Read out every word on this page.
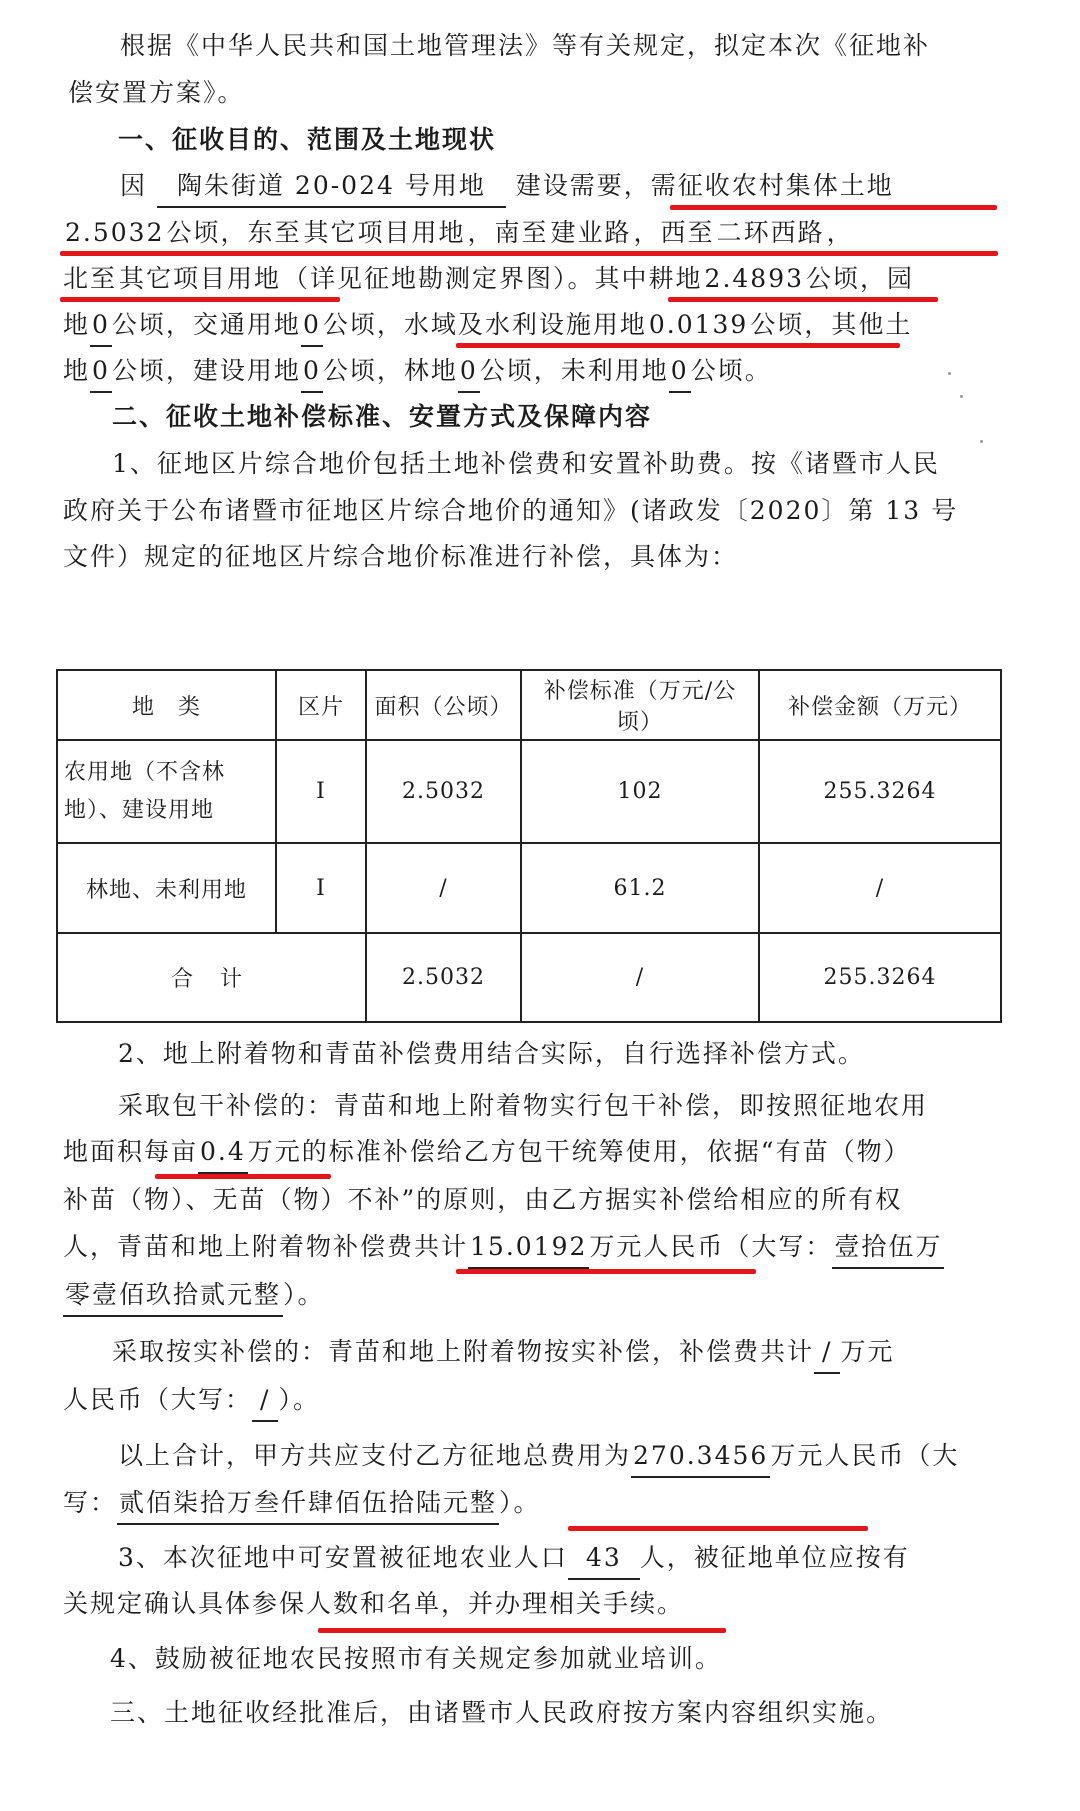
根据《中华人民共和国土地管理法》等有关规定，拟定本次《征地补
偿安置方案》。
一、征收目的、范围及土地现状
因 陶朱街道 20-024 号用地 建设需要，需征收农村集体土地
2.5032公顷，东至其它项目用地，南至建业路，西至二环西路，
北至其它项目用地（详见征地勘测定界图）。其中耕地2.4893公顷，园
地0公顷，交通用地0公顷，水域及水利设施用地0.0139公顷，其他土
地0公顷，建设用地0公顷，林地0公顷，未利用地0公顷。
二、征收土地补偿标准、安置方式及保障内容
1、征地区片综合地价包括土地补偿费和安置补助费。按《诸暨市人民
政府关于公布诸暨市征地区片综合地价的通知》(诸政发〔2020〕第 13 号
文件）规定的征地区片综合地价标准进行补偿，具体为：
地　类	区片	面积（公顷）	补偿标准（万元/公顷）	补偿金额（万元）
农用地（不含林地）、建设用地	I	2.5032	102	255.3264
林地、未利用地	I	/	61.2	/
合 计		2.5032	/	255.3264
2、地上附着物和青苗补偿费用结合实际，自行选择补偿方式。
采取包干补偿的：青苗和地上附着物实行包干补偿，即按照征地农用
地面积每亩0.4万元的标准补偿给乙方包干统筹使用，依据“有苗（物）
补苗（物）、无苗（物）不补”的原则，由乙方据实补偿给相应的所有权
人，青苗和地上附着物补偿费共计15.0192万元人民币（大写：壹拾伍万
零壹佰玖拾贰元整）。
采取按实补偿的：青苗和地上附着物按实补偿，补偿费共计 / 万元
人民币（大写： / ）。
以上合计，甲方共应支付乙方征地总费用为270.3456万元人民币（大
写：贰佰柒拾万叁仟肆佰伍拾陆元整）。
3、本次征地中可安置被征地农业人口 43 人，被征地单位应按有
关规定确认具体参保人数和名单，并办理相关手续。
4、鼓励被征地农民按照市有关规定参加就业培训。
三、土地征收经批准后，由诸暨市人民政府按方案内容组织实施。
